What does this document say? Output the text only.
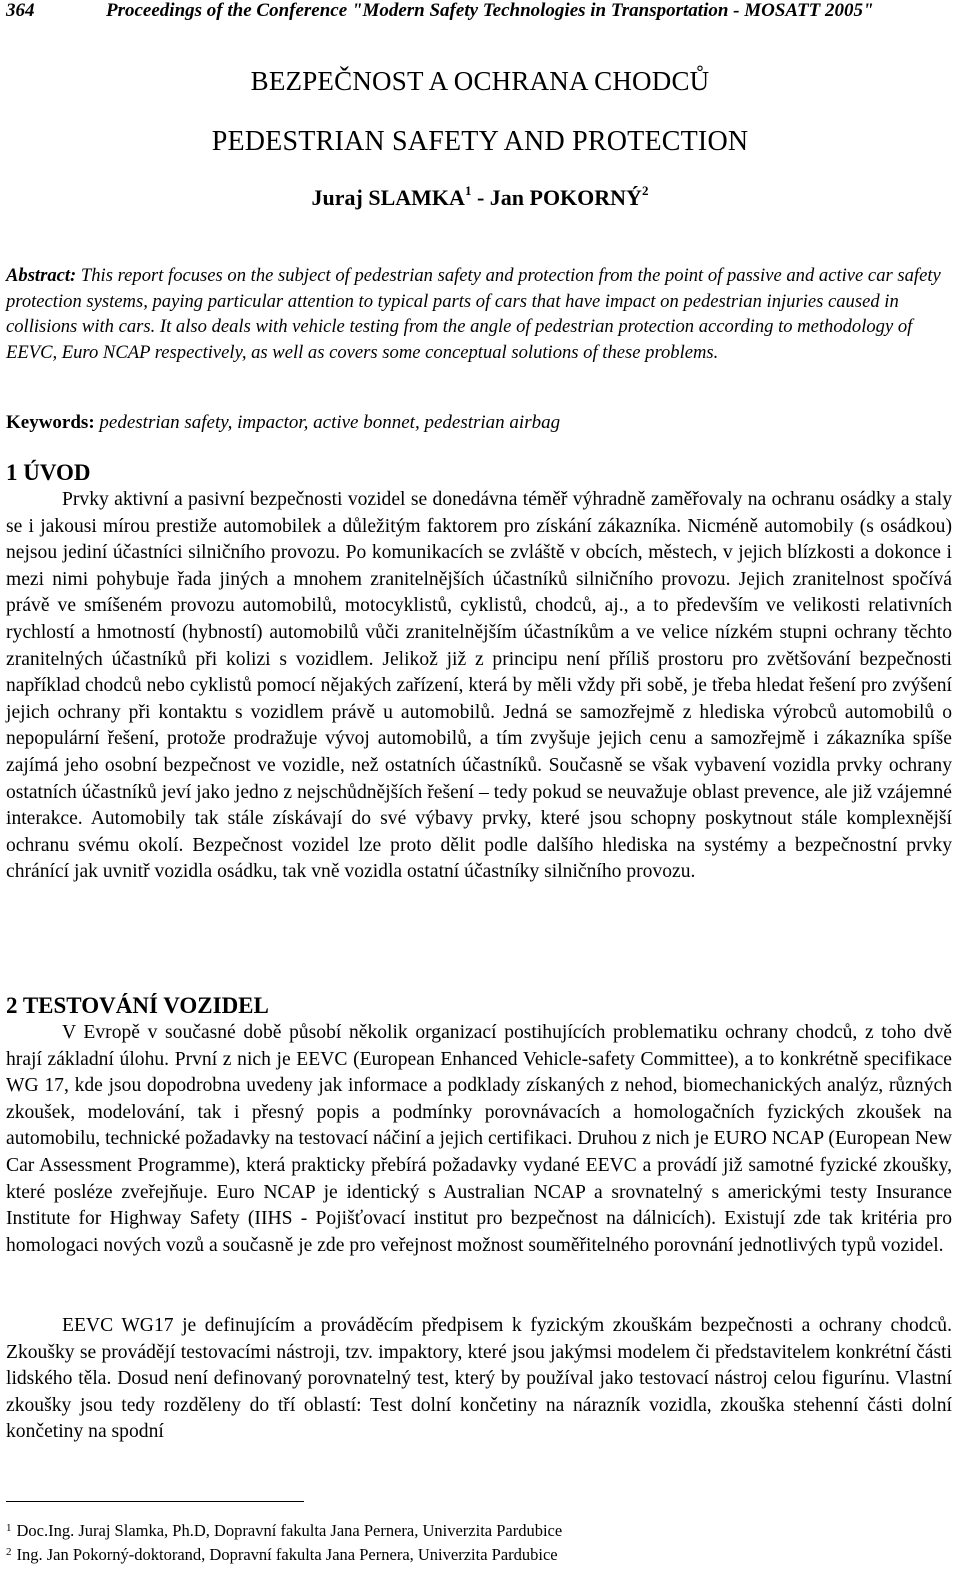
364	Proceedings of the Conference "Modern Safety Technologies in Transportation - MOSATT 2005"
BEZPEČNOST A OCHRANA CHODCŮ
PEDESTRIAN SAFETY AND PROTECTION
Juraj SLAMKA$^1$ - Jan POKORNÝ$^2$
Abstract: This report focuses on the subject of pedestrian safety and protection from the point of passive and active car safety protection systems, paying particular attention to typical parts of cars that have impact on pedestrian injuries caused in collisions with cars. It also deals with vehicle testing from the angle of pedestrian protection according to methodology of EEVC, Euro NCAP respectively, as well as covers some conceptual solutions of these problems.
Keywords: pedestrian safety, impactor, active bonnet, pedestrian airbag
1 ÚVOD
Prvky aktivní a pasivní bezpečnosti vozidel se donedávna téměř výhradně zaměřovaly na ochranu osádky a staly se i jakousi mírou prestiže automobilek a důležitým faktorem pro získání zákazníka. Nicméně automobily (s osádkou) nejsou jediní účastníci silničního provozu. Po komunikacích se zvláště v obcích, městech, v jejich blízkosti a dokonce i mezi nimi pohybuje řada jiných a mnohem zranitelnějších účastníků silničního provozu. Jejich zranitelnost spočívá právě ve smíšeném provozu automobilů, motocyklistů, cyklistů, chodců, aj., a to především ve velikosti relativních rychlostí a hmotností (hybností) automobilů vůči zranitelnějším účastníkům a ve velice nízkém stupni ochrany těchto zranitelných účastníků při kolizi s vozidlem. Jelikož již z principu není příliš prostoru pro zvětšování bezpečnosti například chodců nebo cyklistů pomocí nějakých zařízení, která by měli vždy při sobě, je třeba hledat řešení pro zvýšení jejich ochrany při kontaktu s vozidlem právě u automobilů. Jedná se samozřejmě z hlediska výrobců automobilů o nepopulární řešení, protože prodražuje vývoj automobilů, a tím zvyšuje jejich cenu a samozřejmě i zákazníka spíše zajímá jeho osobní bezpečnost ve vozidle, než ostatních účastníků. Současně se však vybavení vozidla prvky ochrany ostatních účastníků jeví jako jedno z nejschůdnějších řešení – tedy pokud se neuvažuje oblast prevence, ale již vzájemné interakce. Automobily tak stále získávají do své výbavy prvky, které jsou schopny poskytnout stále komplexnější ochranu svému okolí. Bezpečnost vozidel lze proto dělit podle dalšího hlediska na systémy a bezpečnostní prvky chránící jak uvnitř vozidla osádku, tak vně vozidla ostatní účastníky silničního provozu.
2 TESTOVÁNÍ VOZIDEL
V Evropě v současné době působí několik organizací postihujících problematiku ochrany chodců, z toho dvě hrají základní úlohu. První z nich je EEVC (European Enhanced Vehicle-safety Committee), a to konkrétně specifikace WG 17, kde jsou dopodrobna uvedeny jak informace a podklady získaných z nehod, biomechanických analýz, různých zkoušek, modelování, tak i přesný popis a podmínky porovnávacích a homologačních fyzických zkoušek na automobilu, technické požadavky na testovací náčiní a jejich certifikaci. Druhou z nich je EURO NCAP (European New Car Assessment Programme), která prakticky přebírá požadavky vydané EEVC a provádí již samotné fyzické zkoušky, které posléze zveřejňuje. Euro NCAP je identický s Australian NCAP a srovnatelný s americkými testy Insurance Institute for Highway Safety (IIHS - Pojišťovací institut pro bezpečnost na dálnicích). Existují zde tak kritéria pro homologaci nových vozů a současně je zde pro veřejnost možnost souměřitelného porovnání jednotlivých typů vozidel.
EEVC WG17 je definujícím a prováděcím předpisem k fyzickým zkouškám bezpečnosti a ochrany chodců. Zkoušky se provádějí testovacími nástroji, tzv. impaktory, které jsou jakýmsi modelem či představitelem konkrétní části lidského těla. Dosud není definovaný porovnatelný test, který by používal jako testovací nástroj celou figurínu. Vlastní zkoušky jsou tedy rozděleny do tří oblastí: Test dolní končetiny na nárazník vozidla, zkouška stehenní části dolní končetiny na spodní
$^1$ Doc.Ing. Juraj Slamka, Ph.D, Dopravní fakulta Jana Pernera, Univerzita Pardubice
$^2$ Ing. Jan Pokorný-doktorand, Dopravní fakulta Jana Pernera, Univerzita Pardubice
